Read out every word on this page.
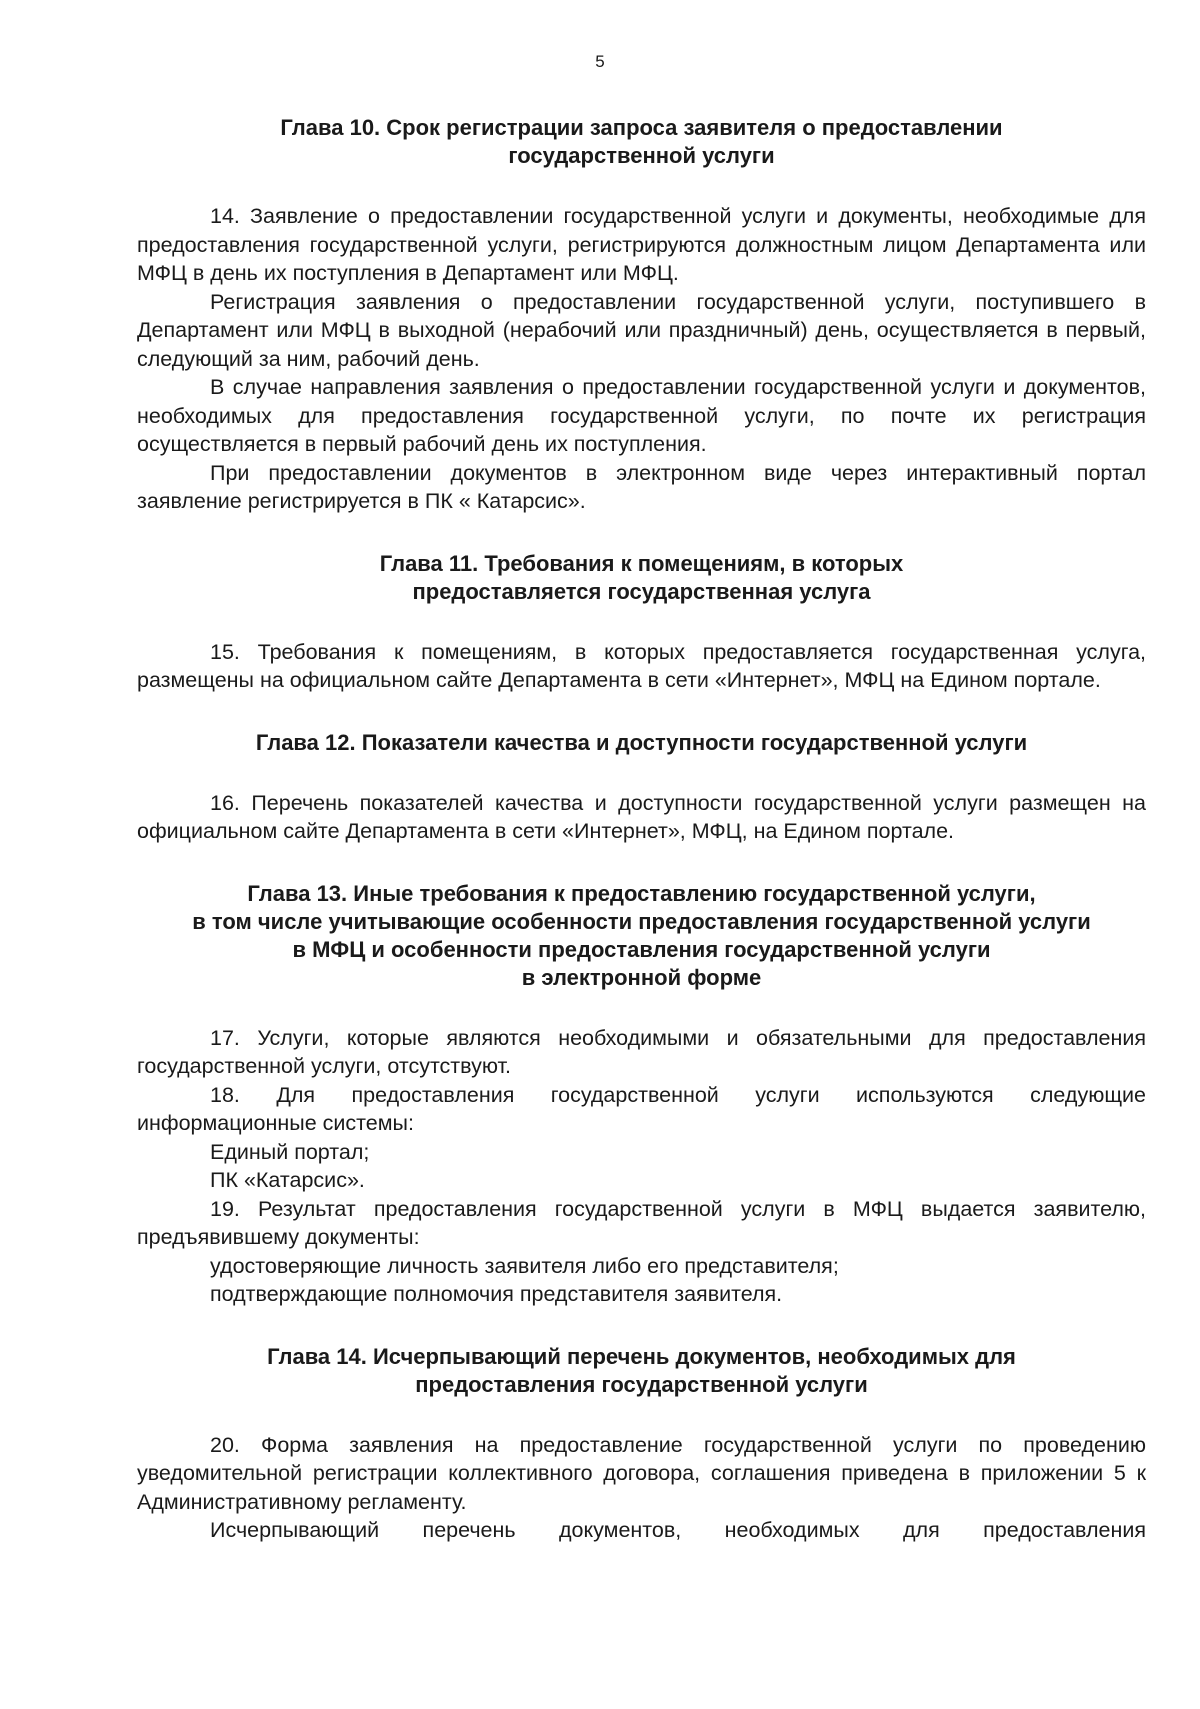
5
Глава 10. Срок регистрации запроса заявителя о предоставлении
государственной услуги

14. Заявление о предоставлении государственной услуги и документы, необходимые для предоставления государственной услуги, регистрируются должностным лицом Департамента или МФЦ в день их поступления в Департамент или МФЦ.

Регистрация заявления о предоставлении государственной услуги, поступившего в Департамент или МФЦ в выходной (нерабочий или праздничный) день, осуществляется в первый, следующий за ним, рабочий день.

В случае направления заявления о предоставлении государственной услуги и документов, необходимых для предоставления государственной услуги, по почте их регистрация осуществляется в первый рабочий день их поступления.

При предоставлении документов в электронном виде через интерактивный портал заявление регистрируется в ПК « Катарсис».

Глава 11. Требования к помещениям, в которых
предоставляется государственная услуга

15. Требования к помещениям, в которых предоставляется государственная услуга, размещены на официальном сайте Департамента в сети «Интернет», МФЦ на Едином портале.

Глава 12. Показатели качества и доступности государственной услуги

16. Перечень показателей качества и доступности государственной услуги размещен на официальном сайте Департамента в сети «Интернет», МФЦ, на Едином портале.

Глава 13. Иные требования к предоставлению государственной услуги,
в том числе учитывающие особенности предоставления государственной услуги
в МФЦ и особенности предоставления государственной услуги
в электронной форме

17. Услуги, которые являются необходимыми и обязательными для предоставления государственной услуги, отсутствуют.

18. Для предоставления государственной услуги используются следующие информационные системы:

Единый портал;

ПК «Катарсис».

19. Результат предоставления государственной услуги в МФЦ выдается заявителю, предъявившему документы:

удостоверяющие личность заявителя либо его представителя;

подтверждающие полномочия представителя заявителя.

Глава 14. Исчерпывающий перечень документов, необходимых для
предоставления государственной услуги

20. Форма заявления на предоставление государственной услуги по проведению уведомительной регистрации коллективного договора, соглашения приведена в приложении 5 к Административному регламенту.

Исчерпывающий перечень документов, необходимых для предоставления
